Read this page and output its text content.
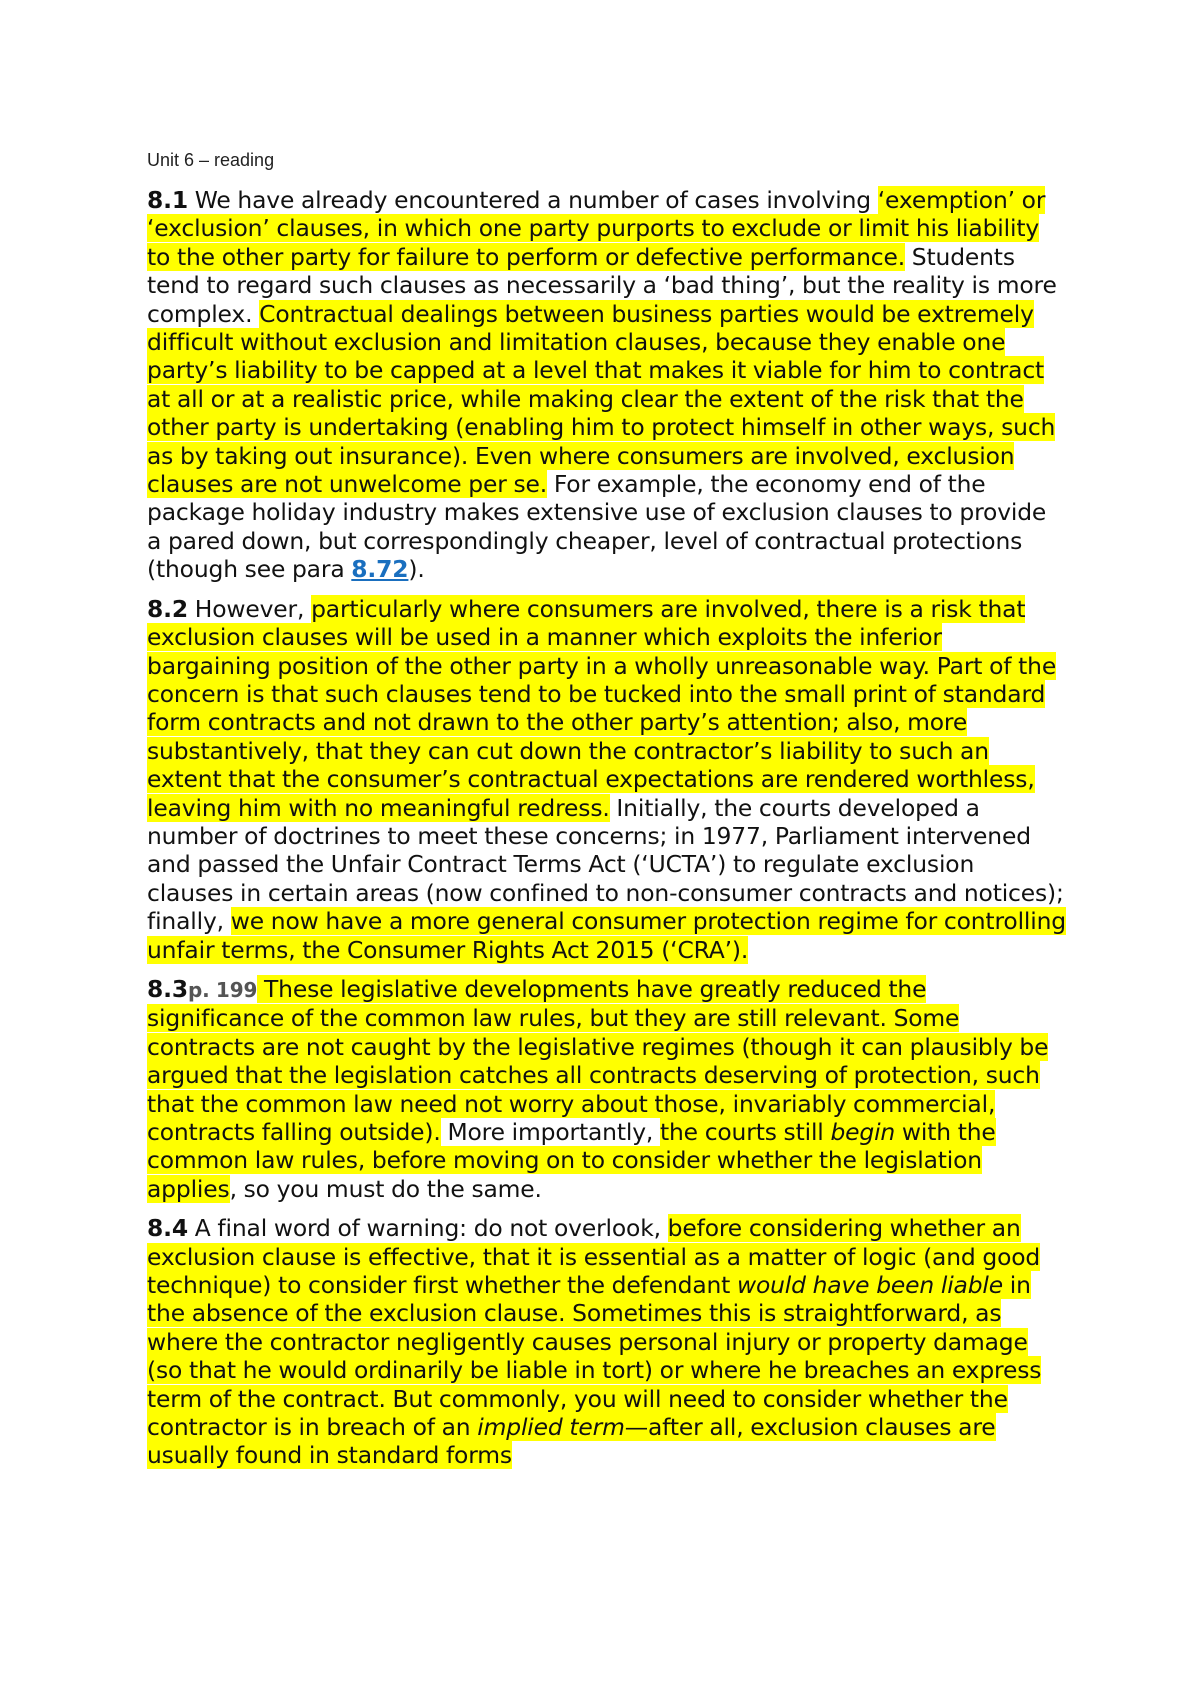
Unit 6 – reading

8.1 We have already encountered a number of cases involving ‘exemption’ or ‘exclusion’ clauses, in which one party purports to exclude or limit his liability to the other party for failure to perform or defective performance. Students tend to regard such clauses as necessarily a ‘bad thing’, but the reality is more complex. Contractual dealings between business parties would be extremely difficult without exclusion and limitation clauses, because they enable one party’s liability to be capped at a level that makes it viable for him to contract at all or at a realistic price, while making clear the extent of the risk that the other party is undertaking (enabling him to protect himself in other ways, such as by taking out insurance). Even where consumers are involved, exclusion clauses are not unwelcome per se. For example, the economy end of the package holiday industry makes extensive use of exclusion clauses to provide a pared down, but correspondingly cheaper, level of contractual protections (though see para 8.72).

8.2 However, particularly where consumers are involved, there is a risk that exclusion clauses will be used in a manner which exploits the inferior bargaining position of the other party in a wholly unreasonable way. Part of the concern is that such clauses tend to be tucked into the small print of standard form contracts and not drawn to the other party’s attention; also, more substantively, that they can cut down the contractor’s liability to such an extent that the consumer’s contractual expectations are rendered worthless, leaving him with no meaningful redress. Initially, the courts developed a number of doctrines to meet these concerns; in 1977, Parliament intervened and passed the Unfair Contract Terms Act (‘UCTA’) to regulate exclusion clauses in certain areas (now confined to non-consumer contracts and notices); finally, we now have a more general consumer protection regime for controlling unfair terms, the Consumer Rights Act 2015 (‘CRA’).

8.3p. 199 These legislative developments have greatly reduced the significance of the common law rules, but they are still relevant. Some contracts are not caught by the legislative regimes (though it can plausibly be argued that the legislation catches all contracts deserving of protection, such that the common law need not worry about those, invariably commercial, contracts falling outside). More importantly, the courts still begin with the common law rules, before moving on to consider whether the legislation applies, so you must do the same.

8.4 A final word of warning: do not overlook, before considering whether an exclusion clause is effective, that it is essential as a matter of logic (and good technique) to consider first whether the defendant would have been liable in the absence of the exclusion clause. Sometimes this is straightforward, as where the contractor negligently causes personal injury or property damage (so that he would ordinarily be liable in tort) or where he breaches an express term of the contract. But commonly, you will need to consider whether the contractor is in breach of an implied term—after all, exclusion clauses are usually found in standard forms
